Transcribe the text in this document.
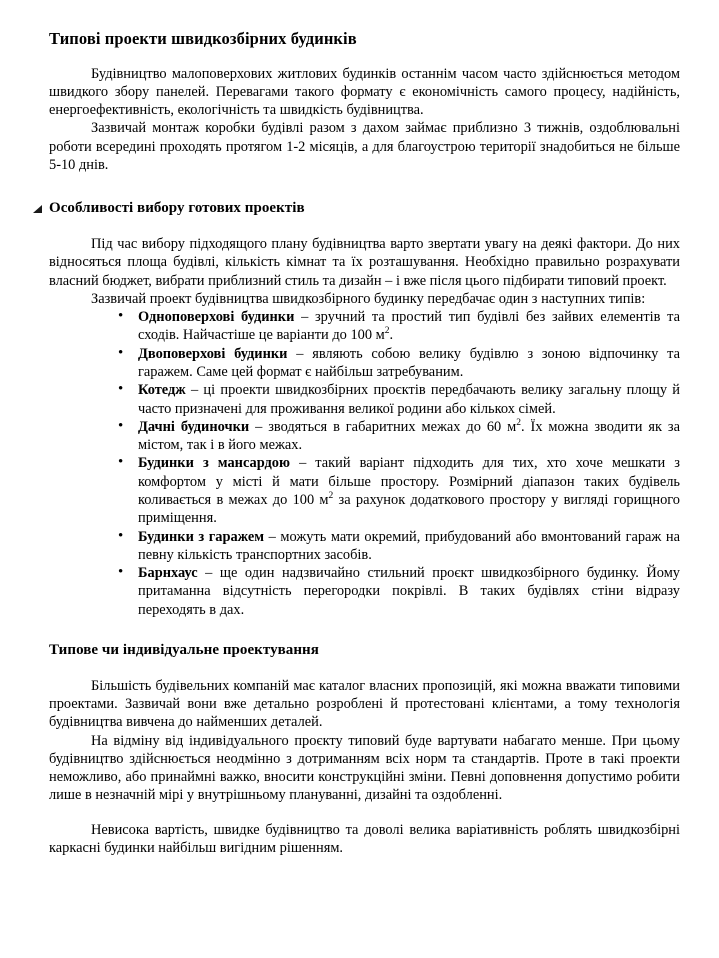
Типові проекти швидкозбірних будинків

Будівництво малоповерхових житлових будинків останнім часом часто здійснюється методом швидкого збору панелей. Перевагами такого формату є економічність самого процесу, надійність, енергоефективність, екологічність та швидкість будівництва.

Зазвичай монтаж коробки будівлі разом з дахом займає приблизно 3 тижнів, оздоблювальні роботи всередині проходять протягом 1-2 місяців, а для благоустрою території знадобиться не більше 5-10 днів.

Особливості вибору готових проектів

Під час вибору підходящого плану будівництва варто звертати увагу на деякі фактори. До них відносяться площа будівлі, кількість кімнат та їх розташування. Необхідно правильно розрахувати власний бюджет, вибрати приблизний стиль та дизайн – і вже після цього підбирати типовий проект.

Зазвичай проект будівництва швидкозбірного будинку передбачає один з наступних типів:

• Одноповерхові будинки – зручний та простий тип будівлі без зайвих елементів та сходів. Найчастіше це варіанти до 100 $м^2$.
• Двоповерхові будинки – являють собою велику будівлю з зоною відпочинку та гаражем. Саме цей формат є найбільш затребуваним.
• Котедж – ці проекти швидкозбірних проєктів передбачають велику загальну площу й часто призначені для проживання великої родини або кількох сімей.
• Дачні будиночки – зводяться в габаритних межах до 60 $м^2$. Їх можна зводити як за містом, так і в його межах.
• Будинки з мансардою – такий варіант підходить для тих, хто хоче мешкати з комфортом у місті й мати більше простору. Розмірний діапазон таких будівель коливається в межах до 100 $м^2$ за рахунок додаткового простору у вигляді горищного приміщення.
• Будинки з гаражем – можуть мати окремий, прибудований або вмонтований гараж на певну кількість транспортних засобів.
• Барнхаус – ще один надзвичайно стильний проєкт швидкозбірного будинку. Йому притаманна відсутність перегородки покрівлі. В таких будівлях стіни відразу переходять в дах.
Типове чи індивідуальне проектування

Більшість будівельних компаній має каталог власних пропозицій, які можна вважати типовими проектами. Зазвичай вони вже детально розроблені й протестовані клієнтами, а тому технологія будівництва вивчена до найменших деталей.

На відміну від індивідуального проєкту типовий буде вартувати набагато менше. При цьому будівництво здійснюється неодмінно з дотриманням всіх норм та стандартів. Проте в такі проекти неможливо, або принаймні важко, вносити конструкційні зміни. Певні доповнення допустимо робити лише в незначній мірі у внутрішньому плануванні, дизайні та оздобленні.

Невисока вартість, швидке будівництво та доволі велика варіативність роблять швидкозбірні каркасні будинки найбільш вигідним рішенням.
